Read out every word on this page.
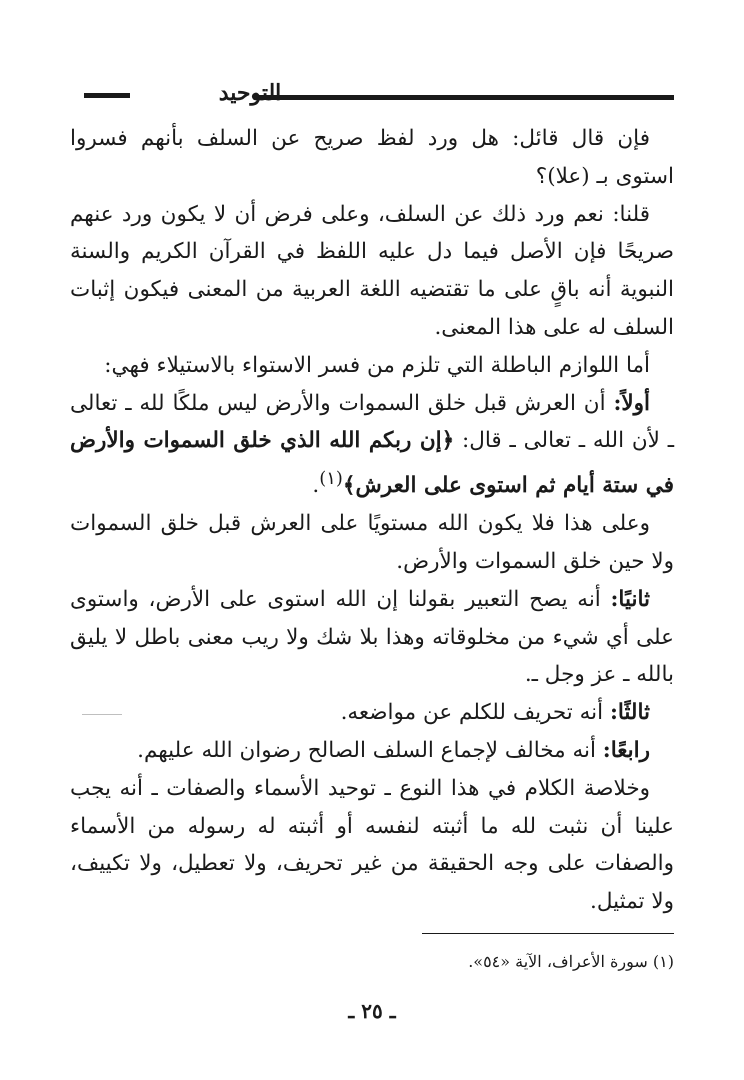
التوحيد

فإن قال قائل: هل ورد لفظ صريح عن السلف بأنهم فسروا استوى بـ (علا)؟

قلنا: نعم ورد ذلك عن السلف، وعلى فرض أن لا يكون ورد عنهم صريحًا فإن الأصل فيما دل عليه اللفظ في القرآن الكريم والسنة النبوية أنه باقٍ على ما تقتضيه اللغة العربية من المعنى فيكون إثبات السلف له على هذا المعنى.

أما اللوازم الباطلة التي تلزم من فسر الاستواء بالاستيلاء فهي:

أولاً: أن العرش قبل خلق السموات والأرض ليس ملكًا لله ـ تعالى ـ لأن الله ـ تعالى ـ قال: ﴿إن ربكم الله الذي خلق السموات والأرض في ستة أيام ثم استوى على العرش﴾$^{(١)}$.

وعلى هذا فلا يكون الله مستويًا على العرش قبل خلق السموات ولا حين خلق السموات والأرض.

ثانيًا: أنه يصح التعبير بقولنا إن الله استوى على الأرض، واستوى على أي شيء من مخلوقاته وهذا بلا شك ولا ريب معنى باطل لا يليق بالله ـ عز وجل ـ.

ثالثًا: أنه تحريف للكلم عن مواضعه.

رابعًا: أنه مخالف لإجماع السلف الصالح رضوان الله عليهم.

وخلاصة الكلام في هذا النوع ـ توحيد الأسماء والصفات ـ أنه يجب علينا أن نثبت لله ما أثبته لنفسه أو أثبته له رسوله من الأسماء والصفات على وجه الحقيقة من غير تحريف، ولا تعطيل، ولا تكييف، ولا تمثيل.

(١) سورة الأعراف، الآية «٥٤».
ـ ٢٥ ـ
